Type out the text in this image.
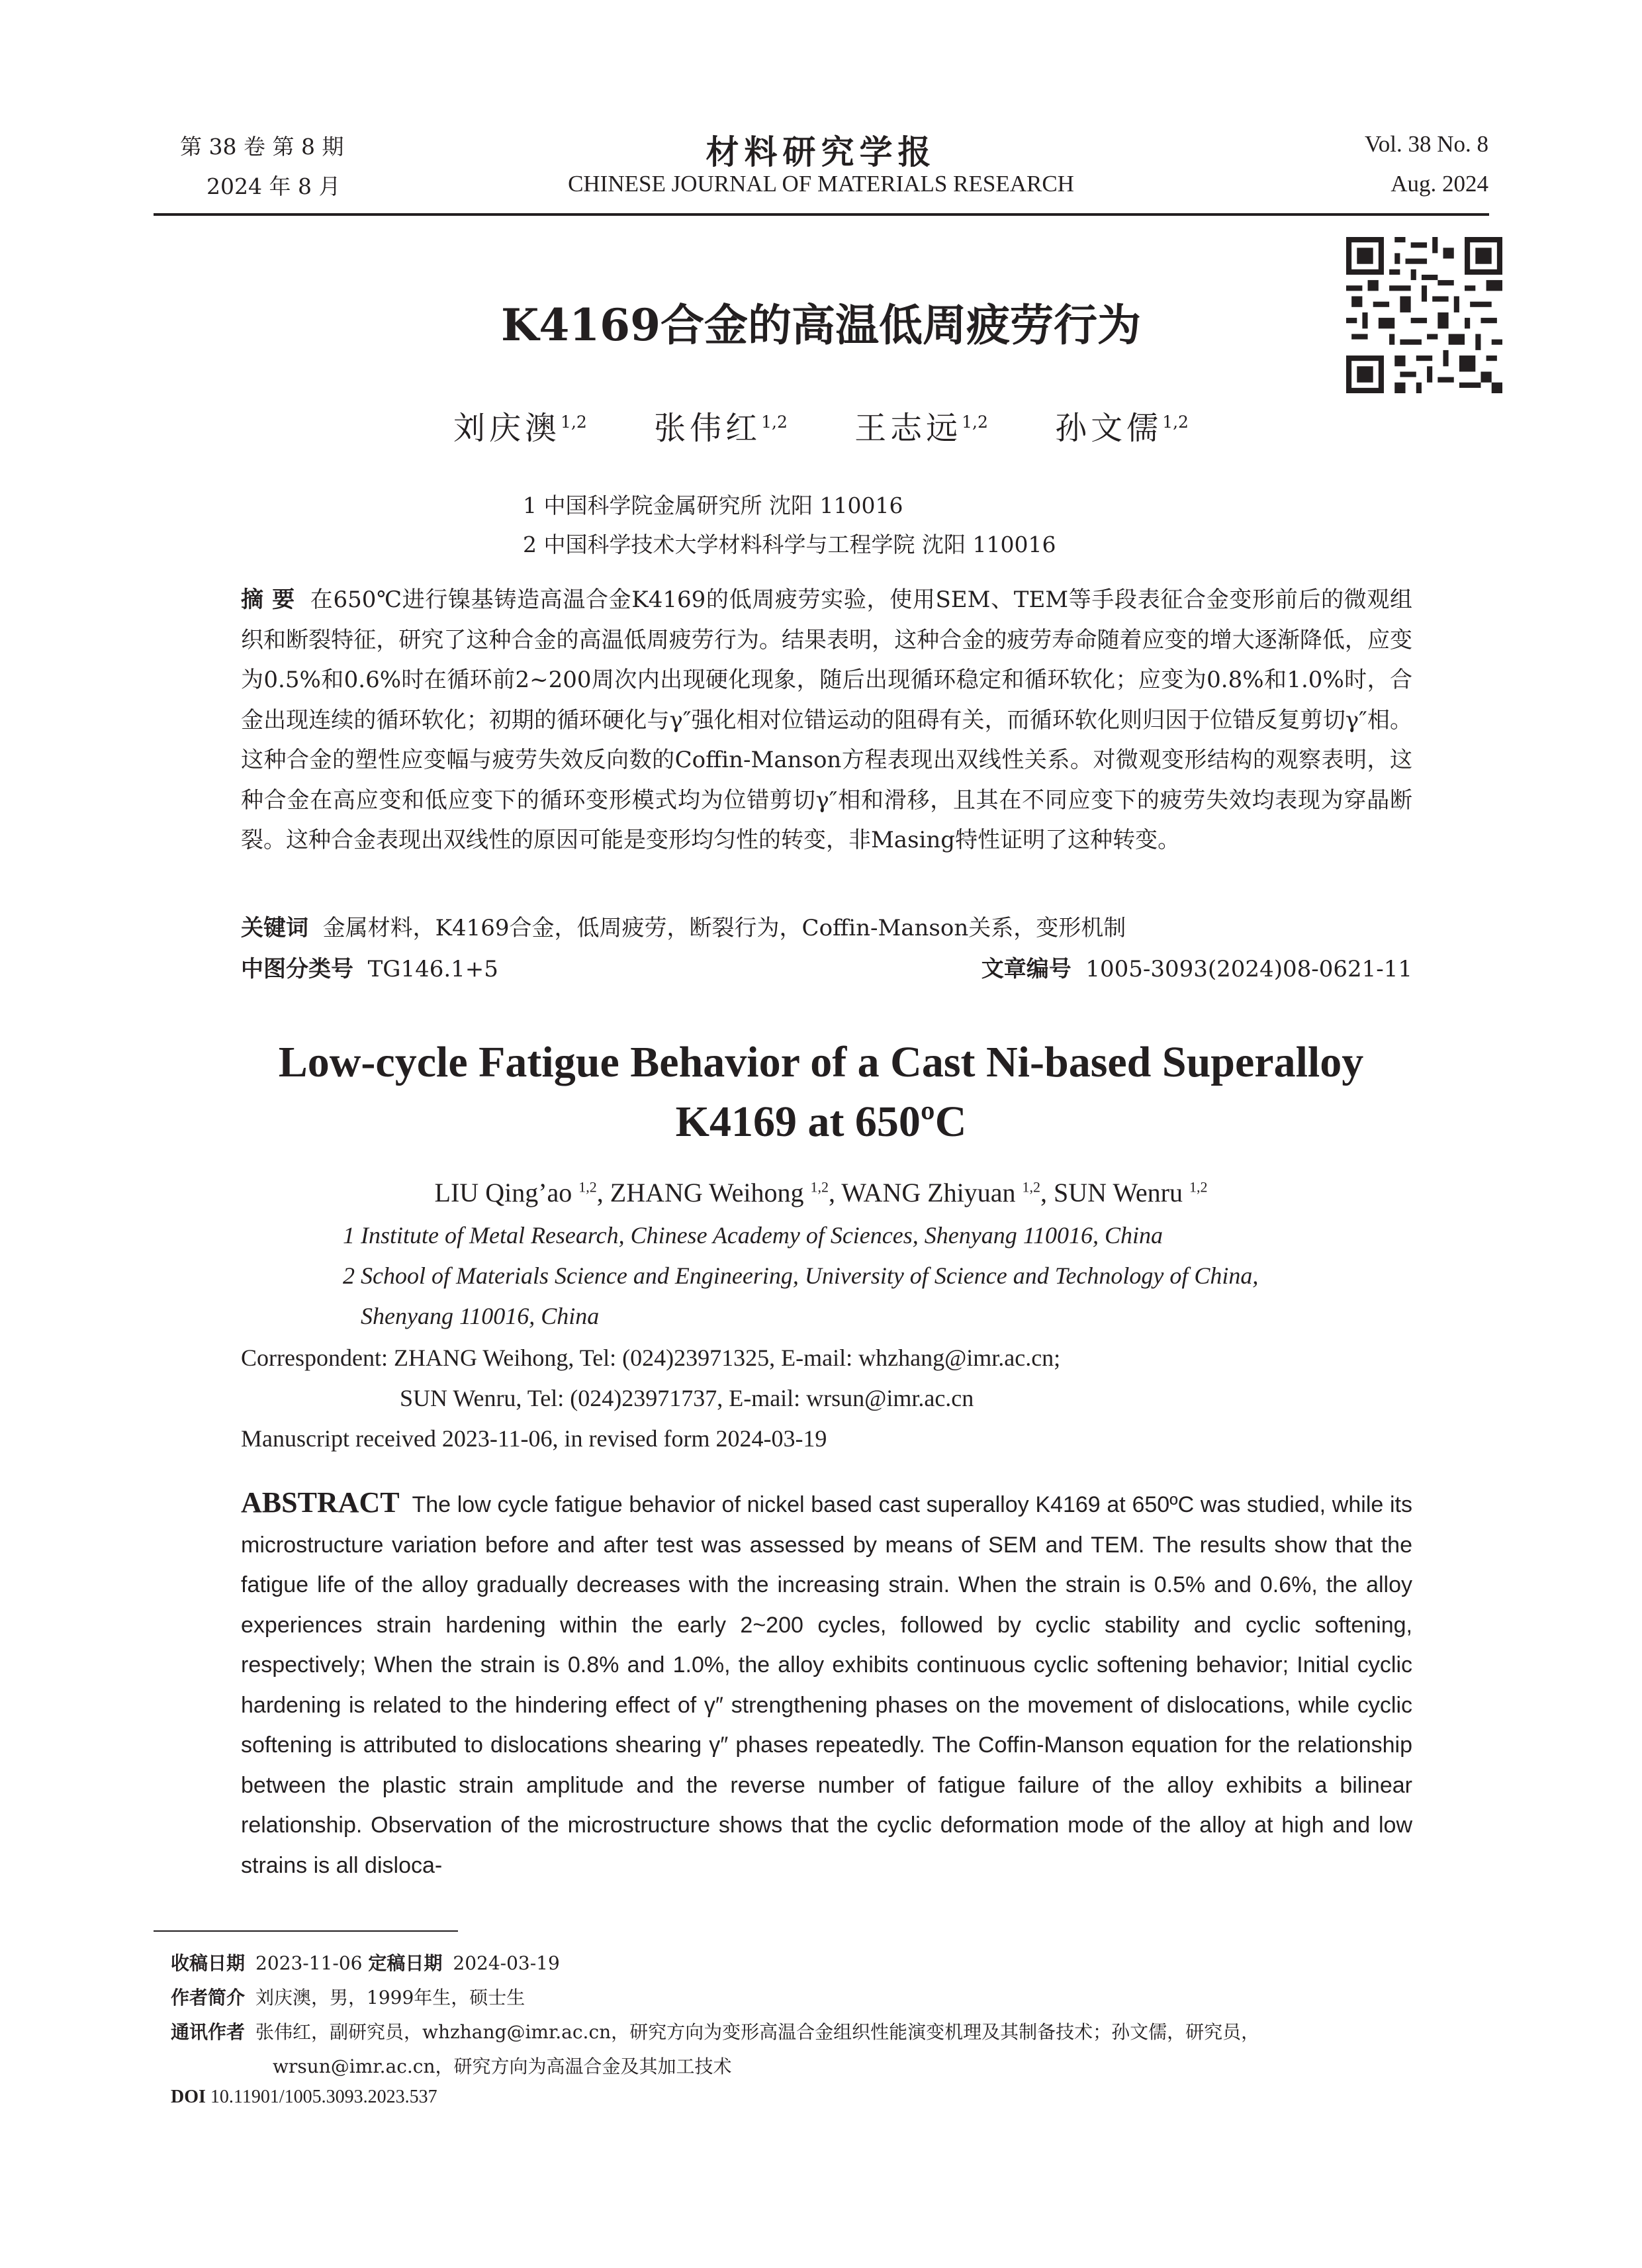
第 38 卷 第 8 期
2024 年 8 月
材料研究学报
CHINESE JOURNAL OF MATERIALS RESEARCH
Vol. 38 No. 8
Aug. 2024
K4169合金的高温低周疲劳行为
刘庆澳$^{1,2}$ 张伟红$^{1,2}$ 王志远$^{1,2}$ 孙文儒$^{1,2}$
1 中国科学院金属研究所 沈阳 110016
2 中国科学技术大学材料科学与工程学院 沈阳 110016
摘 要 在650℃进行镍基铸造高温合金K4169的低周疲劳实验，使用SEM、TEM等手段表征合金变形前后的微观组织和断裂特征，研究了这种合金的高温低周疲劳行为。结果表明，这种合金的疲劳寿命随着应变的增大逐渐降低，应变为0.5%和0.6%时在循环前2~200周次内出现硬化现象，随后出现循环稳定和循环软化；应变为0.8%和1.0%时，合金出现连续的循环软化；初期的循环硬化与γ″强化相对位错运动的阻碍有关，而循环软化则归因于位错反复剪切γ″相。这种合金的塑性应变幅与疲劳失效反向数的Coffin-Manson方程表现出双线性关系。对微观变形结构的观察表明，这种合金在高应变和低应变下的循环变形模式均为位错剪切γ″相和滑移，且其在不同应变下的疲劳失效均表现为穿晶断裂。这种合金表现出双线性的原因可能是变形均匀性的转变，非Masing特性证明了这种转变。
关键词 金属材料，K4169合金，低周疲劳，断裂行为，Coffin-Manson关系，变形机制
中图分类号 TG146.1+5	文章编号 1005-3093(2024)08-0621-11
Low-cycle Fatigue Behavior of a Cast Ni-based Superalloy
K4169 at 650ºC
LIU Qing’ao $^{1,2}$, ZHANG Weihong $^{1,2}$, WANG Zhiyuan $^{1,2}$, SUN Wenru $^{1,2}$
1 Institute of Metal Research, Chinese Academy of Sciences, Shenyang 110016, China
2 School of Materials Science and Engineering, University of Science and Technology of China,
Shenyang 110016, China
Correspondent: ZHANG Weihong, Tel: (024)23971325, E-mail: whzhang@imr.ac.cn;
SUN Wenru, Tel: (024)23971737, E-mail: wrsun@imr.ac.cn
Manuscript received 2023-11-06, in revised form 2024-03-19
ABSTRACT The low cycle fatigue behavior of nickel based cast superalloy K4169 at 650ºC was studied, while its microstructure variation before and after test was assessed by means of SEM and TEM. The results show that the fatigue life of the alloy gradually decreases with the increasing strain. When the strain is 0.5% and 0.6%, the alloy experiences strain hardening within the early 2~200 cycles, followed by cyclic stability and cyclic softening, respectively; When the strain is 0.8% and 1.0%, the alloy exhibits continuous cyclic softening behavior; Initial cyclic hardening is related to the hindering effect of γ″ strengthening phases on the movement of dislocations, while cyclic softening is attributed to dislocations shearing γ″ phases repeatedly. The Coffin-Manson equation for the relationship between the plastic strain amplitude and the reverse number of fatigue failure of the alloy exhibits a bilinear relationship. Observation of the microstructure shows that the cyclic deformation mode of the alloy at high and low strains is all disloca-
收稿日期 2023-11-06 定稿日期 2024-03-19
作者简介 刘庆澳，男，1999年生，硕士生
通讯作者 张伟红，副研究员，whzhang@imr.ac.cn，研究方向为变形高温合金组织性能演变机理及其制备技术；孙文儒，研究员，
wrsun@imr.ac.cn，研究方向为高温合金及其加工技术
DOI 10.11901/1005.3093.2023.537
